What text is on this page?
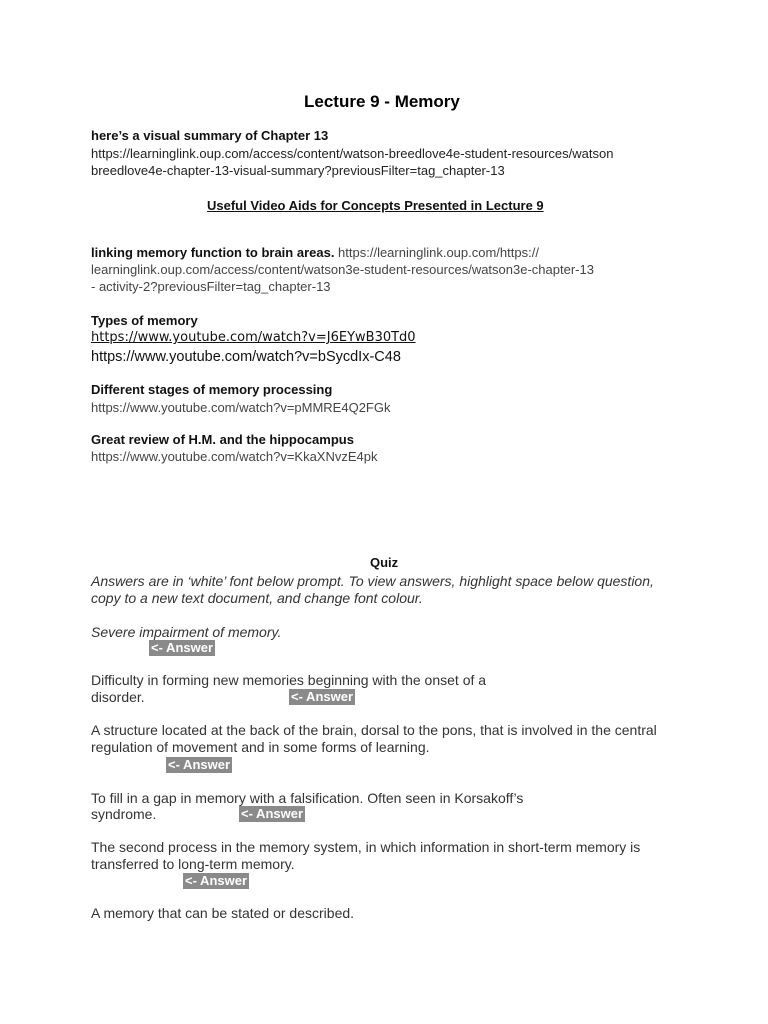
Lecture 9 - Memory
here’s a visual summary of Chapter 13
https://learninglink.oup.com/access/content/watson-breedlove4e-student-resources/watson
breedlove4e-chapter-13-visual-summary?previousFilter=tag_chapter-13
Useful Video Aids for Concepts Presented in Lecture 9
linking memory function to brain areas. https://learninglink.oup.com/https://
learninglink.oup.com/access/content/watson3e-student-resources/watson3e-chapter-13
- activity-2?previousFilter=tag_chapter-13
Types of memory
https://www.youtube.com/watch?v=J6EYwB30Td0
https://www.youtube.com/watch?v=bSycdIx-C48
Different stages of memory processing
https://www.youtube.com/watch?v=pMMRE4Q2FGk
Great review of H.M. and the hippocampus
https://www.youtube.com/watch?v=KkaXNvzE4pk
Quiz
Answers are in ‘white’ font below prompt. To view answers, highlight space below question,
copy to a new text document, and change font colour.
Severe impairment of memory.
<- Answer
Difficulty in forming new memories beginning with the onset of a
disorder.	<- Answer
A structure located at the back of the brain, dorsal to the pons, that is involved in the central
regulation of movement and in some forms of learning.
<- Answer
To fill in a gap in memory with a falsification. Often seen in Korsakoff’s
syndrome.	<- Answer
The second process in the memory system, in which information in short-term memory is
transferred to long-term memory.
<- Answer
A memory that can be stated or described.
